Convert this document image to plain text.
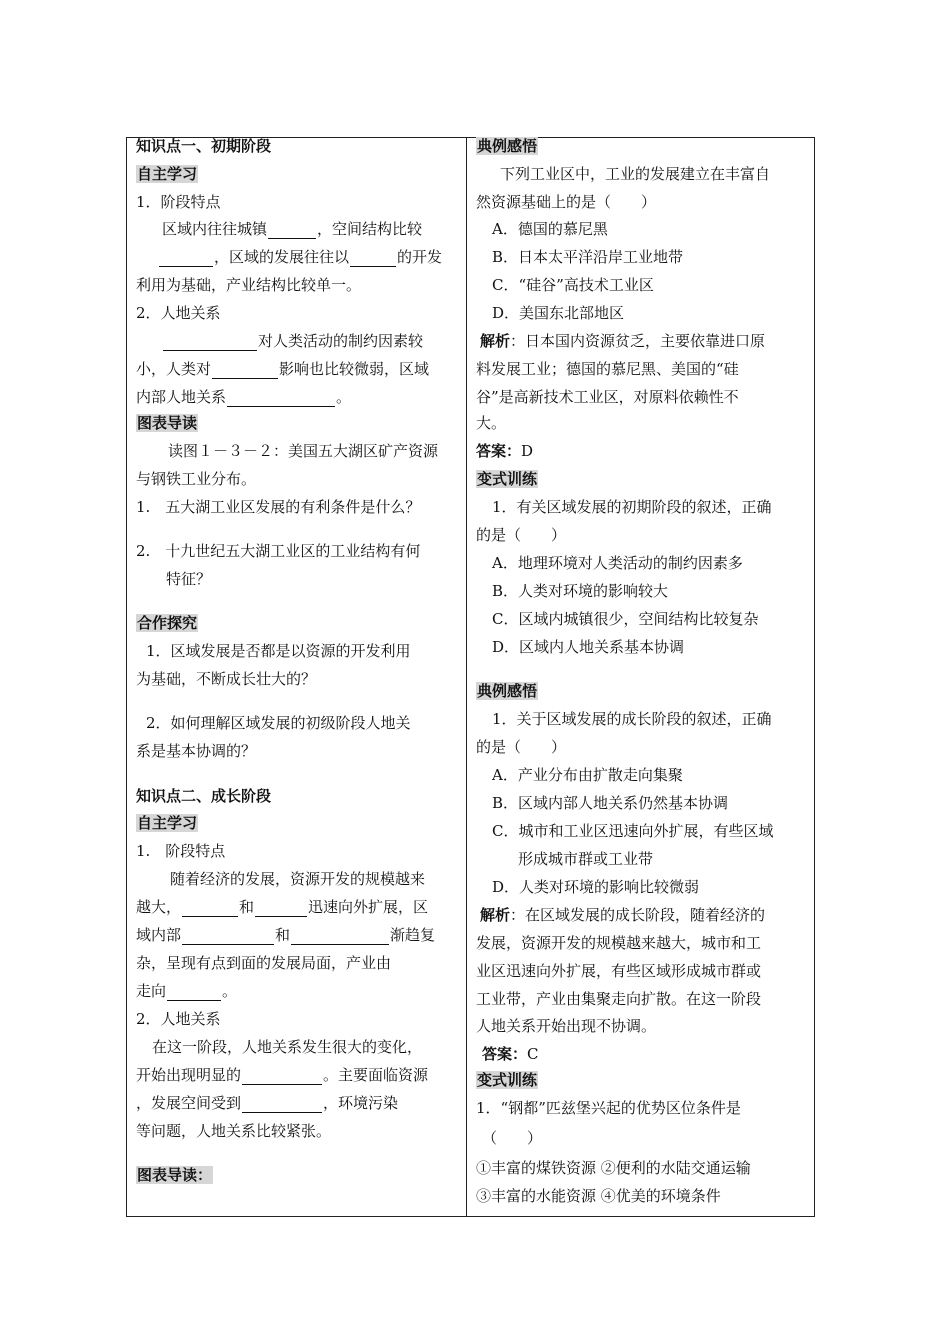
知识点一、初期阶段
自主学习
1．阶段特点
区域内往往城镇	，空间结构比较
，区域的发展往往以	的开发
利用为基础，产业结构比较单一。
2．人地关系
对人类活动的制约因素较
小，人类对	影响也比较微弱，区域
内部人地关系	。
图表导读
读图１－３－２：美国五大湖区矿产资源
与钢铁工业分布。
1.　五大湖工业区发展的有利条件是什么？
2.　十九世纪五大湖工业区的工业结构有何
特征？
合作探究
1．区域发展是否都是以资源的开发利用
为基础，不断成长壮大的？
2．如何理解区域发展的初级阶段人地关
系是基本协调的？
知识点二、成长阶段
自主学习
1.　阶段特点
随着经济的发展，资源开发的规模越来
越大，	和	迅速向外扩展，区
域内部	和	渐趋复
杂，呈现有点到面的发展局面，产业由
走向	。
2．人地关系
在这一阶段，人地关系发生很大的变化，
开始出现明显的	。主要面临资源
，发展空间受到	，环境污染
等问题，人地关系比较紧张。
图表导读：
典例感悟
下列工业区中，工业的发展建立在丰富自
然资源基础上的是（　　）
A．德国的慕尼黑
B．日本太平洋沿岸工业地带
C．“硅谷”高技术工业区
D．美国东北部地区
解析：日本国内资源贫乏，主要依靠进口原
料发展工业；德国的慕尼黑、美国的“硅
谷”是高新技术工业区，对原料依赖性不
大。
答案：D
变式训练
1．有关区域发展的初期阶段的叙述，正确
的是（　　）
A．地理环境对人类活动的制约因素多
B．人类对环境的影响较大
C．区域内城镇很少，空间结构比较复杂
D．区域内人地关系基本协调
典例感悟
1．关于区域发展的成长阶段的叙述，正确
的是（　　）
A．产业分布由扩散走向集聚
B．区域内部人地关系仍然基本协调
C．城市和工业区迅速向外扩展，有些区域
形成城市群或工业带
D．人类对环境的影响比较微弱
解析：在区域发展的成长阶段，随着经济的
发展，资源开发的规模越来越大，城市和工
业区迅速向外扩展，有些区域形成城市群或
工业带，产业由集聚走向扩散。在这一阶段
人地关系开始出现不协调。
答案：C
变式训练
1．“钢都”匹兹堡兴起的优势区位条件是
（　　）
①丰富的煤铁资源 ②便利的水陆交通运输
③丰富的水能资源 ④优美的环境条件
